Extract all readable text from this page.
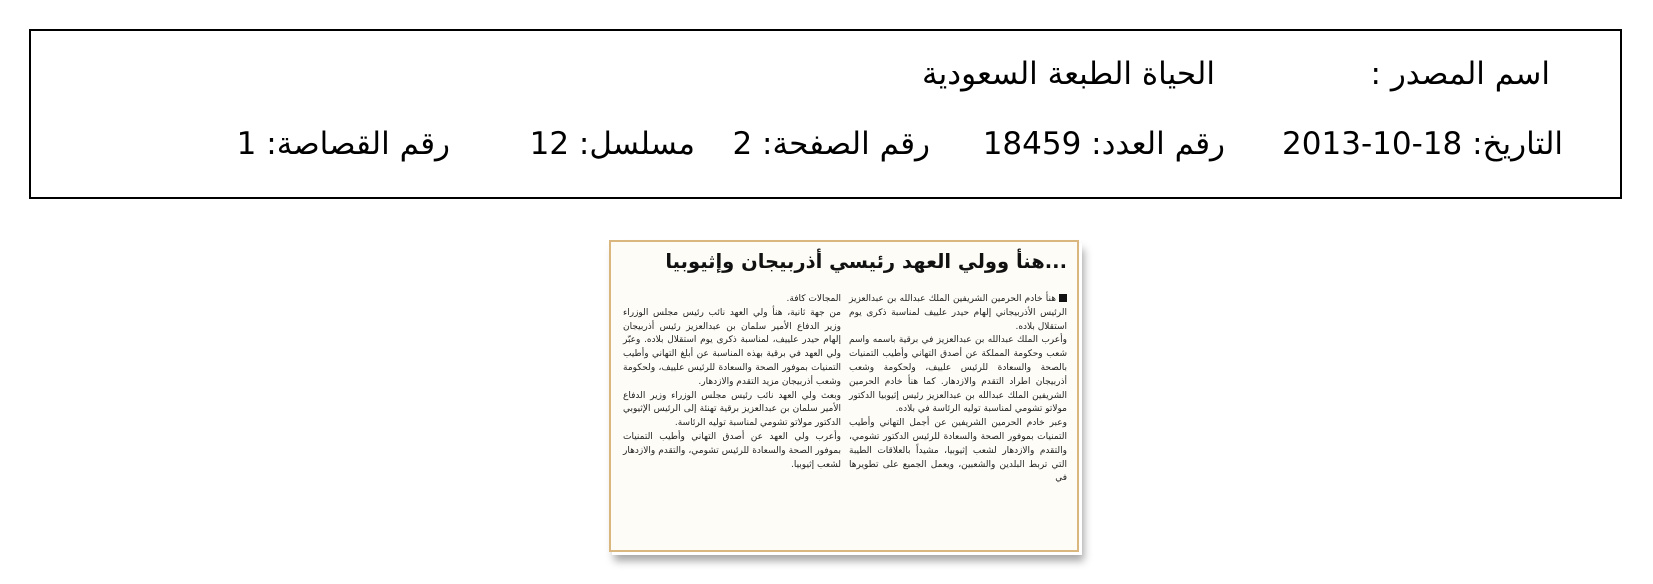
اسم المصدر :
الحياة الطبعة السعودية
التاريخ: 18-10-2013
رقم العدد: 18459
رقم الصفحة: 2
مسلسل: 12
رقم القصاصة: 1
...هنأ وولي العهد رئيسي أذربيجان وإثيوبيا

هنأ خادم الحرمين الشريفين الملك عبدالله بن عبدالعزيز الرئيس الأذربيجاني إلهام حيدر علييف لمناسبة ذكرى يوم استقلال بلاده.

وأعرب الملك عبدالله بن عبدالعزيز في برقية باسمه واسم شعب وحكومة المملكة عن أصدق التهاني وأطيب التمنيات بالصحة والسعادة للرئيس علييف، ولحكومة وشعب أذربيجان اطراد التقدم والازدهار. كما هنأ خادم الحرمين الشريفين الملك عبدالله بن عبدالعزيز رئيس إثيوبيا الدكتور مولاتو تشومي لمناسبة توليه الرئاسة في بلاده.

وعبر خادم الحرمين الشريفين عن أجمل التهاني وأطيب التمنيات بموفور الصحة والسعادة للرئيس الدكتور تشومي، والتقدم والازدهار لشعب إثيوبيا، مشيداً بالعلاقات الطيبة التي تربط البلدين والشعبين، ويعمل الجميع على تطويرها في

المجالات كافة.

من جهة ثانية، هنأ ولي العهد نائب رئيس مجلس الوزراء وزير الدفاع الأمير سلمان بن عبدالعزيز رئيس أذربيجان إلهام حيدر علييف، لمناسبة ذكرى يوم استقلال بلاده. وعبّر ولي العهد في برقية بهذه المناسبة عن أبلغ التهاني وأطيب التمنيات بموفور الصحة والسعادة للرئيس علييف، ولحكومة وشعب أذربيجان مزيد التقدم والازدهار.

وبعث ولي العهد نائب رئيس مجلس الوزراء وزير الدفاع الأمير سلمان بن عبدالعزيز برقية تهنئة إلى الرئيس الإثيوبي الدكتور مولاتو تشومي لمناسبة توليه الرئاسة.

وأعرب ولي العهد عن أصدق التهاني وأطيب التمنيات بموفور الصحة والسعادة للرئيس تشومي، والتقدم والازدهار لشعب إثيوبيا.
